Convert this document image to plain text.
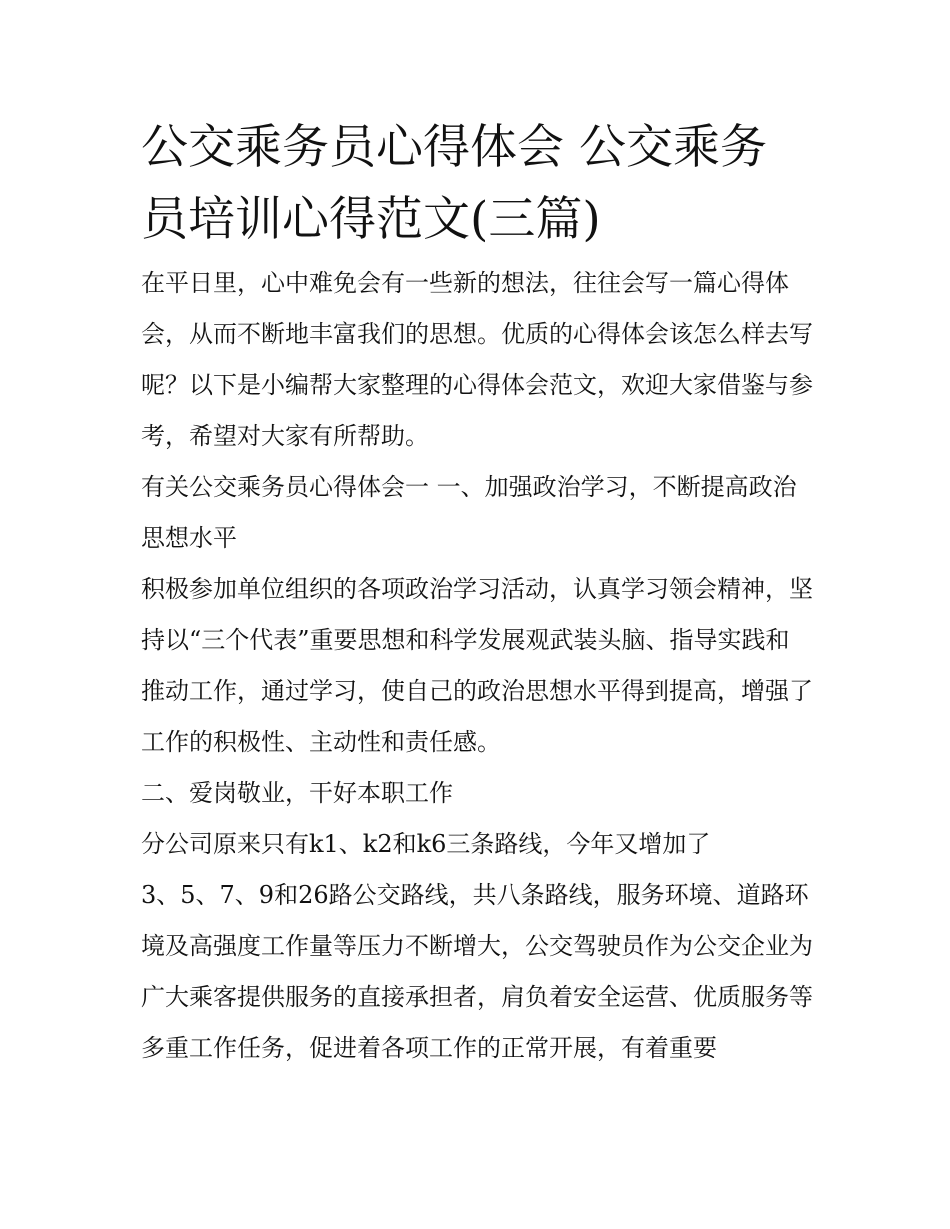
公交乘务员心得体会 公交乘务员培训心得范文(三篇)

在平日里，心中难免会有一些新的想法，往往会写一篇心得体会，从而不断地丰富我们的思想。优质的心得体会该怎么样去写呢？以下是小编帮大家整理的心得体会范文，欢迎大家借鉴与参考，希望对大家有所帮助。

有关公交乘务员心得体会一 一、加强政治学习，不断提高政治思想水平

积极参加单位组织的各项政治学习活动，认真学习领会精神，坚持以“三个代表”重要思想和科学发展观武装头脑、指导实践和推动工作，通过学习，使自己的政治思想水平得到提高，增强了工作的积极性、主动性和责任感。

二、爱岗敬业，干好本职工作

分公司原来只有k1、k2和k6三条路线，今年又增加了

3、5、7、9和26路公交路线，共八条路线，服务环境、道路环境及高强度工作量等压力不断增大，公交驾驶员作为公交企业为广大乘客提供服务的直接承担者，肩负着安全运营、优质服务等多重工作任务，促进着各项工作的正常开展，有着重要
